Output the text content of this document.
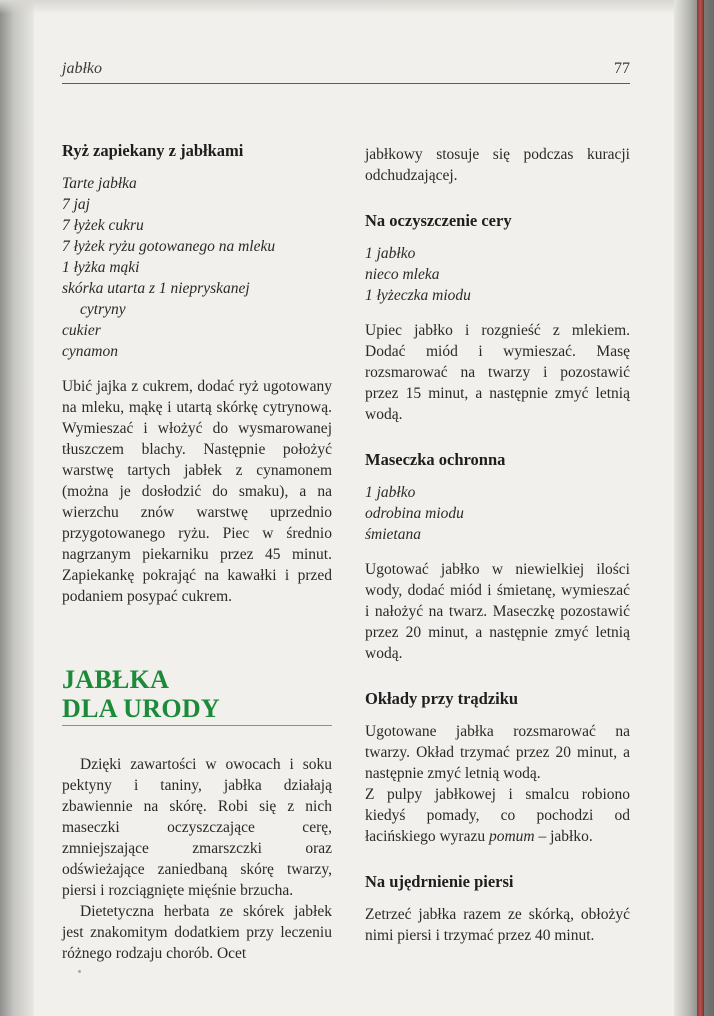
jabłko	77
Ryż zapiekany z jabłkami
Tarte jabłka
7 jaj
7 łyżek cukru
7 łyżek ryżu gotowanego na mleku
1 łyżka mąki
skórka utarta z 1 niepryskanej
cytryny
cukier
cynamon

Ubić jajka z cukrem, dodać ryż ugotowany na mleku, mąkę i utartą skórkę cytrynową. Wymieszać i włożyć do wysmarowanej tłuszczem blachy. Następnie położyć warstwę tartych jabłek z cynamonem (można je dosłodzić do smaku), a na wierzchu znów warstwę uprzednio przygotowanego ryżu. Piec w średnio nagrzanym piekarniku przez 45 minut. Zapiekankę pokrająć na kawałki i przed podaniem posypać cukrem.

JABŁKA
DLA URODY

Dzięki zawartości w owocach i soku pektyny i taniny, jabłka działają zbawiennie na skórę. Robi się z nich maseczki oczyszczające cerę, zmniejszające zmarszczki oraz odświeżające zaniedbaną skórę twarzy, piersi i rozciągnięte mięśnie brzucha.

Dietetyczna herbata ze skórek jabłek jest znakomitym dodatkiem przy leczeniu różnego rodzaju chorób. Ocet

jabłkowy stosuje się podczas kuracji odchudzającej.

Na oczyszczenie cery
1 jabłko
nieco mleka
1 łyżeczka miodu

Upiec jabłko i rozgnieść z mlekiem. Dodać miód i wymieszać. Masę rozsmarować na twarzy i pozostawić przez 15 minut, a następnie zmyć letnią wodą.

Maseczka ochronna
1 jabłko
odrobina miodu
śmietana

Ugotować jabłko w niewielkiej ilości wody, dodać miód i śmietanę, wymieszać i nałożyć na twarz. Maseczkę pozostawić przez 20 minut, a następnie zmyć letnią wodą.

Okłady przy trądziku

Ugotowane jabłka rozsmarować na twarzy. Okład trzymać przez 20 minut, a następnie zmyć letnią wodą.

Z pulpy jabłkowej i smalcu robiono kiedyś pomady, co pochodzi od łacińskiego wyrazu pomum – jabłko.

Na ujędrnienie piersi

Zetrzeć jabłka razem ze skórką, obłożyć nimi piersi i trzymać przez 40 minut.
